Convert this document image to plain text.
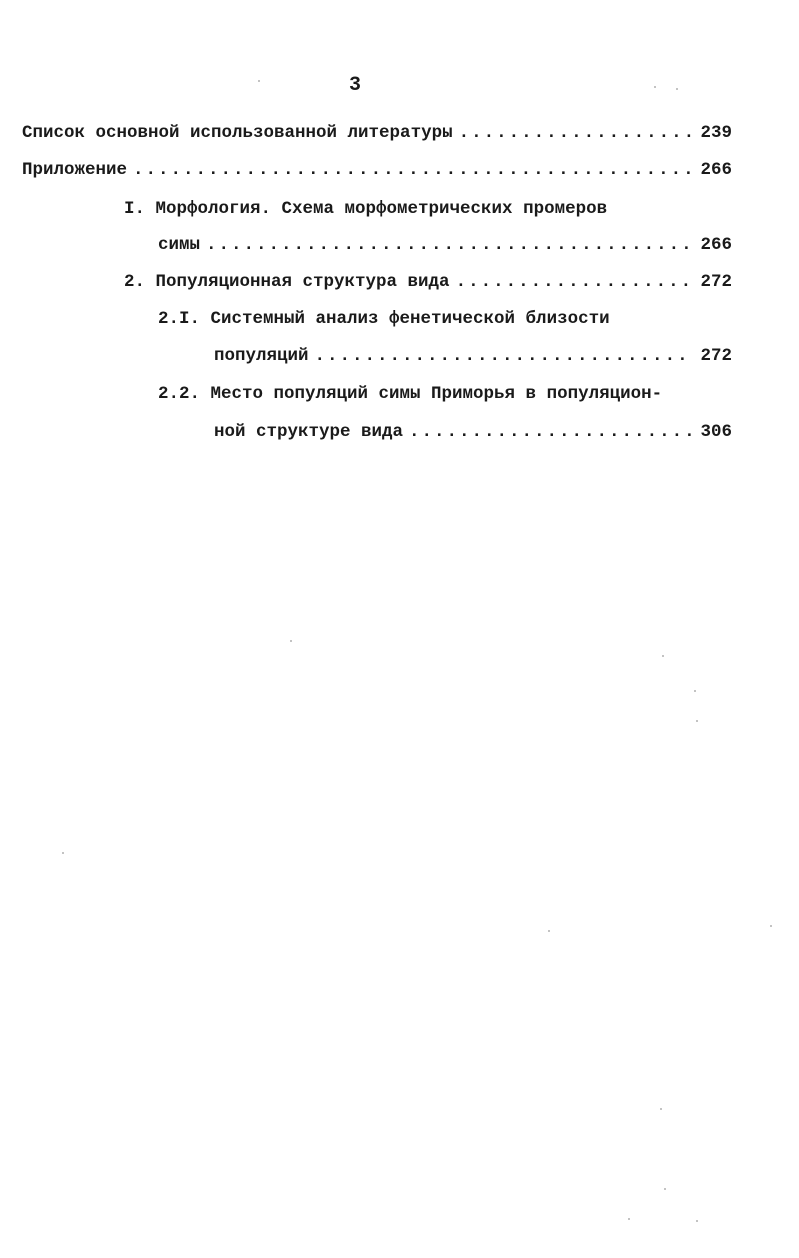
3
Список основной использованной литературы .....	239
Приложение .....	266
I. Морфология. Схема морфометрических промеров
симы .....	266
2. Популяционная структура вида .....	272
2.I. Системный анализ фенетической близости
популяций .....	272
2.2. Место популяций симы Приморья в популяцион-
ной структуре вида .....	306
